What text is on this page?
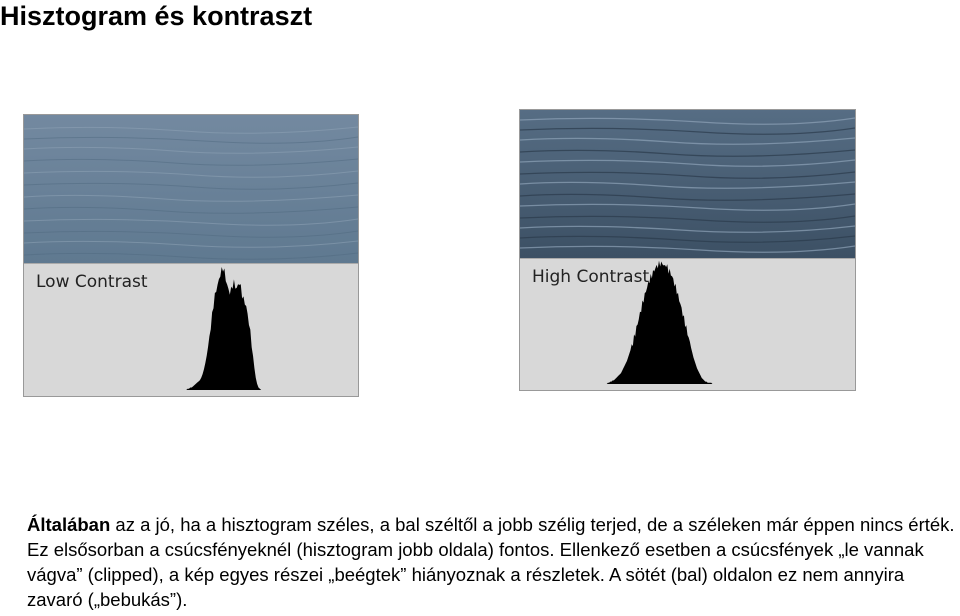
Hisztogram és kontraszt
Low Contrast	High Contrast

Általában az a jó, ha a hisztogram széles, a bal széltől a jobb szélig terjed, de a széleken már éppen nincs érték. Ez elsősorban a csúcsfényeknél (hisztogram jobb oldala) fontos. Ellenkező esetben a csúcsfények „le vannak vágva” (clipped), a kép egyes részei „beégtek” hiányoznak a részletek. A sötét (bal) oldalon ez nem annyira zavaró („bebukás”).
